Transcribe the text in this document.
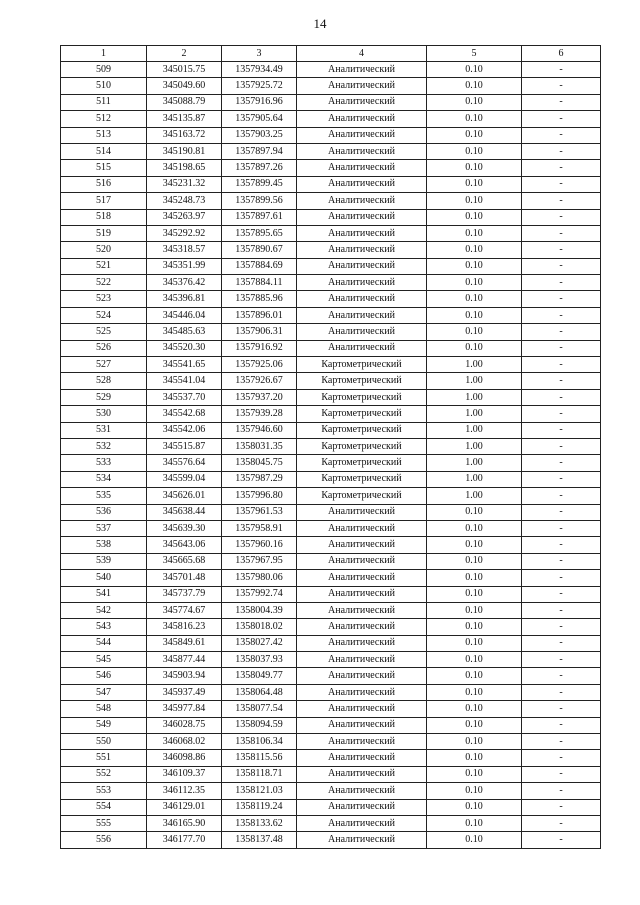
14
1	2	3	4	5	6
509	345015.75	1357934.49	Аналитический	0.10	-
510	345049.60	1357925.72	Аналитический	0.10	-
511	345088.79	1357916.96	Аналитический	0.10	-
512	345135.87	1357905.64	Аналитический	0.10	-
513	345163.72	1357903.25	Аналитический	0.10	-
514	345190.81	1357897.94	Аналитический	0.10	-
515	345198.65	1357897.26	Аналитический	0.10	-
516	345231.32	1357899.45	Аналитический	0.10	-
517	345248.73	1357899.56	Аналитический	0.10	-
518	345263.97	1357897.61	Аналитический	0.10	-
519	345292.92	1357895.65	Аналитический	0.10	-
520	345318.57	1357890.67	Аналитический	0.10	-
521	345351.99	1357884.69	Аналитический	0.10	-
522	345376.42	1357884.11	Аналитический	0.10	-
523	345396.81	1357885.96	Аналитический	0.10	-
524	345446.04	1357896.01	Аналитический	0.10	-
525	345485.63	1357906.31	Аналитический	0.10	-
526	345520.30	1357916.92	Аналитический	0.10	-
527	345541.65	1357925.06	Картометрический	1.00	-
528	345541.04	1357926.67	Картометрический	1.00	-
529	345537.70	1357937.20	Картометрический	1.00	-
530	345542.68	1357939.28	Картометрический	1.00	-
531	345542.06	1357946.60	Картометрический	1.00	-
532	345515.87	1358031.35	Картометрический	1.00	-
533	345576.64	1358045.75	Картометрический	1.00	-
534	345599.04	1357987.29	Картометрический	1.00	-
535	345626.01	1357996.80	Картометрический	1.00	-
536	345638.44	1357961.53	Аналитический	0.10	-
537	345639.30	1357958.91	Аналитический	0.10	-
538	345643.06	1357960.16	Аналитический	0.10	-
539	345665.68	1357967.95	Аналитический	0.10	-
540	345701.48	1357980.06	Аналитический	0.10	-
541	345737.79	1357992.74	Аналитический	0.10	-
542	345774.67	1358004.39	Аналитический	0.10	-
543	345816.23	1358018.02	Аналитический	0.10	-
544	345849.61	1358027.42	Аналитический	0.10	-
545	345877.44	1358037.93	Аналитический	0.10	-
546	345903.94	1358049.77	Аналитический	0.10	-
547	345937.49	1358064.48	Аналитический	0.10	-
548	345977.84	1358077.54	Аналитический	0.10	-
549	346028.75	1358094.59	Аналитический	0.10	-
550	346068.02	1358106.34	Аналитический	0.10	-
551	346098.86	1358115.56	Аналитический	0.10	-
552	346109.37	1358118.71	Аналитический	0.10	-
553	346112.35	1358121.03	Аналитический	0.10	-
554	346129.01	1358119.24	Аналитический	0.10	-
555	346165.90	1358133.62	Аналитический	0.10	-
556	346177.70	1358137.48	Аналитический	0.10	-
